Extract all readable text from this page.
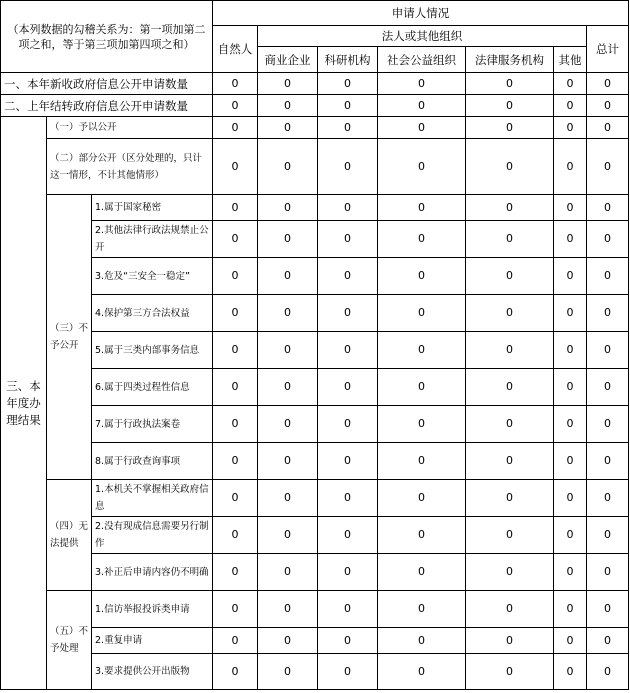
（本列数据的勾稽关系为：第一项加第二项之和，等于第三项加第四项之和）			申请人情况						
			自然人	法人或其他组织					总计
				商业企业	科研机构	社会公益组织	法律服务机构	其他	
一、本年新收政府信息公开申请数量			0	0	0	0	0	0	0
二、上年结转政府信息公开申请数量			0	0	0	0	0	0	0
三、本年度办理结果	（一）予以公开		0	0	0	0	0	0	0
	（二）部分公开（区分处理的，只计这一情形，不计其他情形）		0	0	0	0	0	0	0
	（三）不予公开	1.属于国家秘密	0	0	0	0	0	0	0
		2.其他法律行政法规禁止公开	0	0	0	0	0	0	0
		3.危及“三安全一稳定”	0	0	0	0	0	0	0
		4.保护第三方合法权益	0	0	0	0	0	0	0
		5.属于三类内部事务信息	0	0	0	0	0	0	0
		6.属于四类过程性信息	0	0	0	0	0	0	0
		7.属于行政执法案卷	0	0	0	0	0	0	0
		8.属于行政查询事项	0	0	0	0	0	0	0
	（四）无法提供	1.本机关不掌握相关政府信息	0	0	0	0	0	0	0
		2.没有现成信息需要另行制作	0	0	0	0	0	0	0
		3.补正后申请内容仍不明确	0	0	0	0	0	0	0
	（五）不予处理	1.信访举报投诉类申请	0	0	0	0	0	0	0
		2.重复申请	0	0	0	0	0	0	0
		3.要求提供公开出版物	0	0	0	0	0	0	0
